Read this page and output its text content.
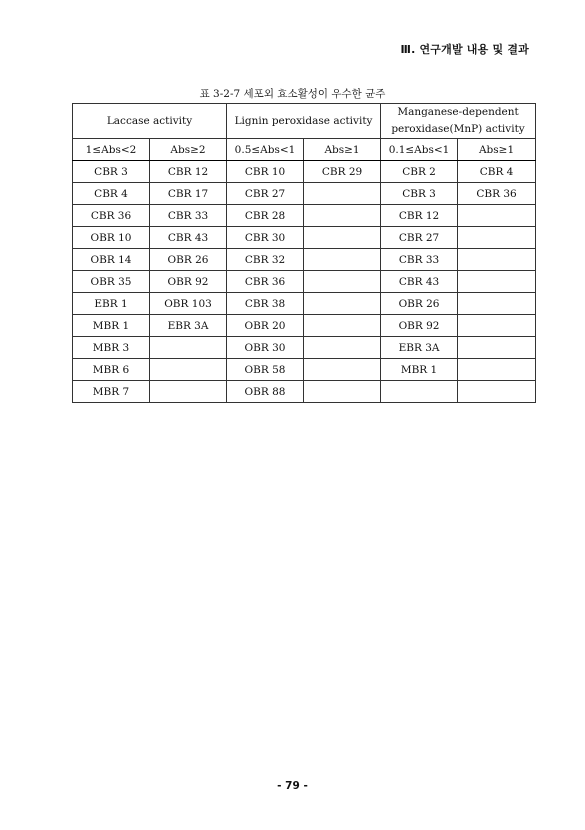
Ⅲ. 연구개발 내용 및 결과
표 3-2-7 세포외 효소활성이 우수한 균주
Laccase activity		Lignin peroxidase activity		Manganese-dependent
peroxidase(MnP) activity	
1≤Abs<2	Abs≥2	0.5≤Abs<1	Abs≥1	0.1≤Abs<1	Abs≥1
CBR 3	CBR 12	CBR 10	CBR 29	CBR 2	CBR 4
CBR 4	CBR 17	CBR 27		CBR 3	CBR 36
CBR 36	CBR 33	CBR 28		CBR 12	
OBR 10	CBR 43	CBR 30		CBR 27	
OBR 14	OBR 26	CBR 32		CBR 33	
OBR 35	OBR 92	CBR 36		CBR 43	
EBR 1	OBR 103	CBR 38		OBR 26	
MBR 1	EBR 3A	OBR 20		OBR 92	
MBR 3		OBR 30		EBR 3A	
MBR 6		OBR 58		MBR 1	
MBR 7		OBR 88			
- 79 -
